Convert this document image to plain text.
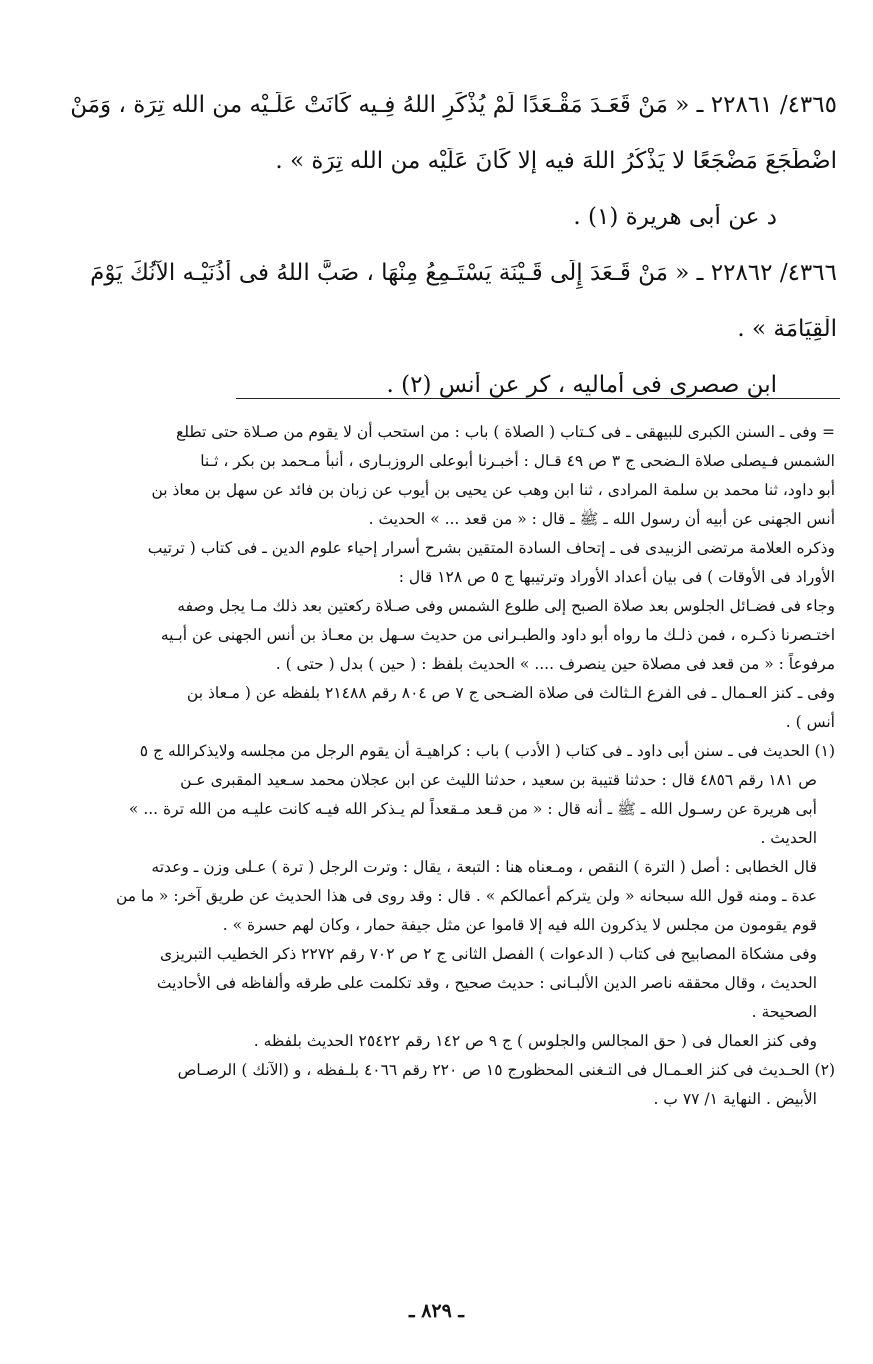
٤٣٦٥/ ٢٢٨٦١ ـ « مَنْ قَعَـدَ مَقْـعَدًا لَمْ يُذْكَرِ اللهُ فِـيه كَانَتْ عَلَـيْه من الله تِرَة ، وَمَنْ

اضْطَجَعَ مَضْجَعًا لا يَذْكُرُ اللهَ فيه إلا كَانَ عَلَيْه من الله تِرَة » .

د عن أَبى هريرة (١) .

٤٣٦٦/ ٢٢٨٦٢ ـ « مَنْ قَـعَدَ إِلَى قَـيْنَة يَسْتَـمِعُ مِنْهَا ، صَبَّ اللهُ فى أُذُنَيْـه الآنُكَ يَوْمَ

الْقِيَامَة » .

ابن صصرى فى أَماليه ، كر عن أَنس (٢) .

= وفى ـ السنن الكبرى للبيهقى ـ فى كـتاب ( الصلاة ) باب : من استحب أن لا يقوم من صـلاة حتى تطلع

الشمس فـيصلى صلاة الـضحى ج ٣ ص ٤٩ قـال : أخبـرنا أبوعلى الروزبـارى ، أنبأ مـحمد بن بكر ، ثـنا

أبو داود، ثنا محمد بن سلمة المرادى ، ثنا ابن وهب عن يحيى بن أيوب عن زبان بن فائد عن سهل بن معاذ بن

أنس الجهنى عن أبيه أن رسول الله ـ ﷺ ـ قال : « من قعد ... » الحديث .

وذكره العلامة مرتضى الزبيدى فى ـ إتحاف السادة المتقين بشرح أسرار إحياء علوم الدين ـ فى كتاب ( ترتيب

الأوراد فى الأوقات ) فى بيان أعداد الأوراد وترتيبها ج ٥ ص ١٢٨ قال :

وجاء فى فضـائل الجلوس بعد صلاة الصبح إلى طلوع الشمس وفى صـلاة ركعتين بعد ذلك مـا يجل وصفه

اختـصرنا ذكـره ، فمن ذلـك ما رواه أبو داود والطبـرانى من حديث سـهل بن معـاذ بن أنس الجهنى عن أبـيه

مرفوعاً : « من قعد فى مصلاة حين ينصرف .... » الحديث بلفظ : ( حين ) بدل ( حتى ) .

وفى ـ كنز العـمال ـ فى الفرع الـثالث فى صلاة الضـحى ج ٧ ص ٨٠٤ رقم ٢١٤٨٨ بلفظه عن ( مـعاذ بن

أنس ) .

(١) الحديث فى ـ سنن أبى داود ـ فى كتاب ( الأدب ) باب : كراهيـة أن يقوم الرجل من مجلسه ولايذكرالله ج ٥

ص ١٨١ رقم ٤٨٥٦ قال : حدثنا قتيبة بن سعيد ، حدثنا الليث عن ابن عجلان محمد سـعيد المقبرى عـن

أبى هريرة عن رسـول الله ـ ﷺ ـ أنه قال : « من قـعد مـقعداً لم يـذكر الله فيـه كانت عليـه من الله ترة ... »

الحديث .

قال الخطابى : أصل ( الترة ) النقص ، ومـعناه هنا : التبعة ، يقال : وترت الرجل ( ترة ) عـلى وزن ـ وعدته

عدة ـ ومنه قول الله سبحانه « ولن يتركم أعمالكم » . قال : وقد روى فى هذا الحديث عن طريق آخر: « ما من

قوم يقومون من مجلس لا يذكرون الله فيه إلا قاموا عن مثل جيفة حمار ، وكان لهم حسرة » .

وفى مشكاة المصابيح فى كتاب ( الدعوات ) الفصل الثانى ج ٢ ص ٧٠٢ رقم ٢٢٧٢ ذكر الخطيب التبريزى

الحديث ، وقال محققه ناصر الدين الألبـانى : حديث صحيح ، وقد تكلمت على طرقه وألفاظه فى الأحاديث

الصحيحة .

وفى كنز العمال فى ( حق المجالس والجلوس ) ج ٩ ص ١٤٢ رقم ٢٥٤٢٢ الحديث بلفظه .

(٢) الحـديث فى كنز العـمـال فى التـغنى المحظورج ١٥ ص ٢٢٠ رقم ٤٠٦٦ بلـفظه ، و (الآنك ) الرصـاص

الأبيض . النهاية ١/ ٧٧ ب .

ـ ٨٢٩ ـ
